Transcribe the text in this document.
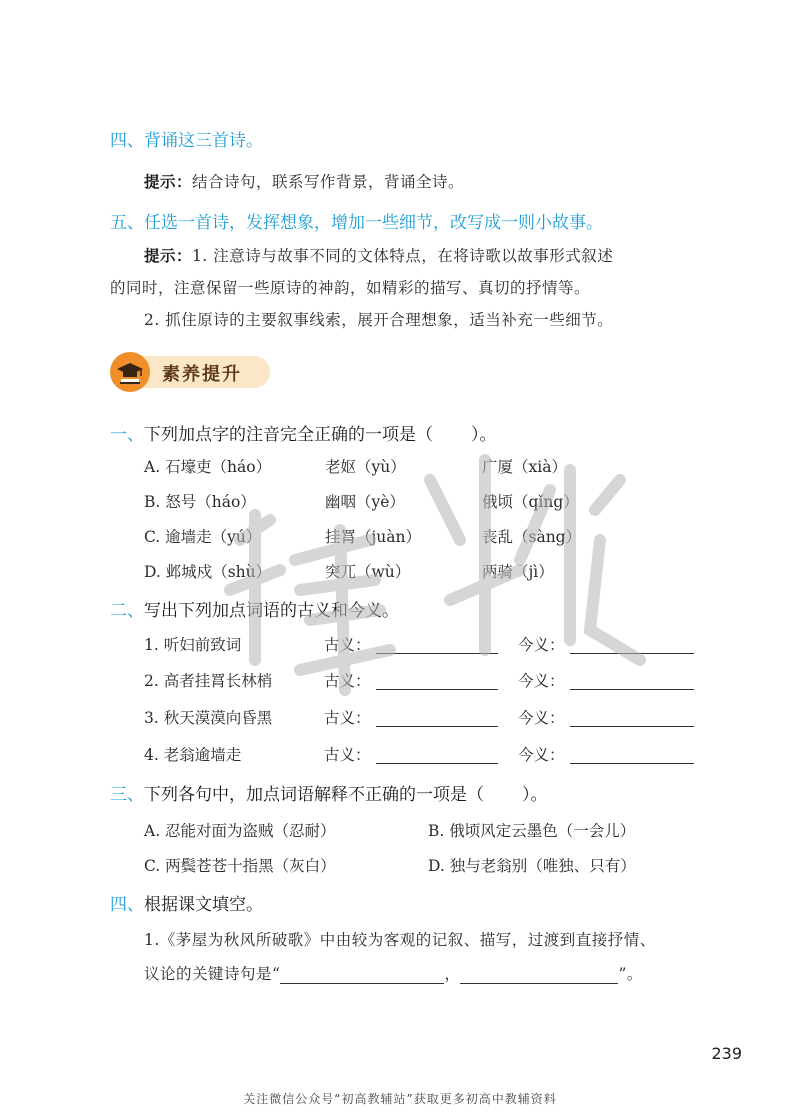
四、背诵这三首诗。
提示：结合诗句，联系写作背景，背诵全诗。
五、任选一首诗，发挥想象，增加一些细节，改写成一则小故事。
提示：1. 注意诗与故事不同的文体特点，在将诗歌以故事形式叙述
的同时，注意保留一些原诗的神韵，如精彩的描写、真切的抒情等。
2. 抓住原诗的主要叙事线索，展开合理想象，适当补充一些细节。
素养提升
一、下列加点字的注音完全正确的一项是（ ）。
A. 石壕吏（háo）	老妪（yù）	广厦（xià）
B. 怒号（háo）	幽咽（yè）	俄顷（qǐng）
C. 逾墙走（yú）	挂罥（juàn）	丧乱（sàng）
D. 邺城戍（shù）	突兀（wù）	两骑（jì）
二、写出下列加点词语的古义和今义。
1. 听妇前致词	古义：	今义：
2. 高者挂罥长林梢	古义：	今义：
3. 秋天漠漠向昏黑	古义：	今义：
4. 老翁逾墙走	古义：	今义：
三、下列各句中，加点词语解释不正确的一项是（ ）。
A. 忍能对面为盗贼（忍耐）	B. 俄顷风定云墨色（一会儿）
C. 两鬓苍苍十指黑（灰白）	D. 独与老翁别（唯独、只有）
四、根据课文填空。
1.《茅屋为秋风所破歌》中由较为客观的记叙、描写，过渡到直接抒情、
议论的关键诗句是“	，	”。
239
关注微信公众号“初高教辅站”获取更多初高中教辅资料
